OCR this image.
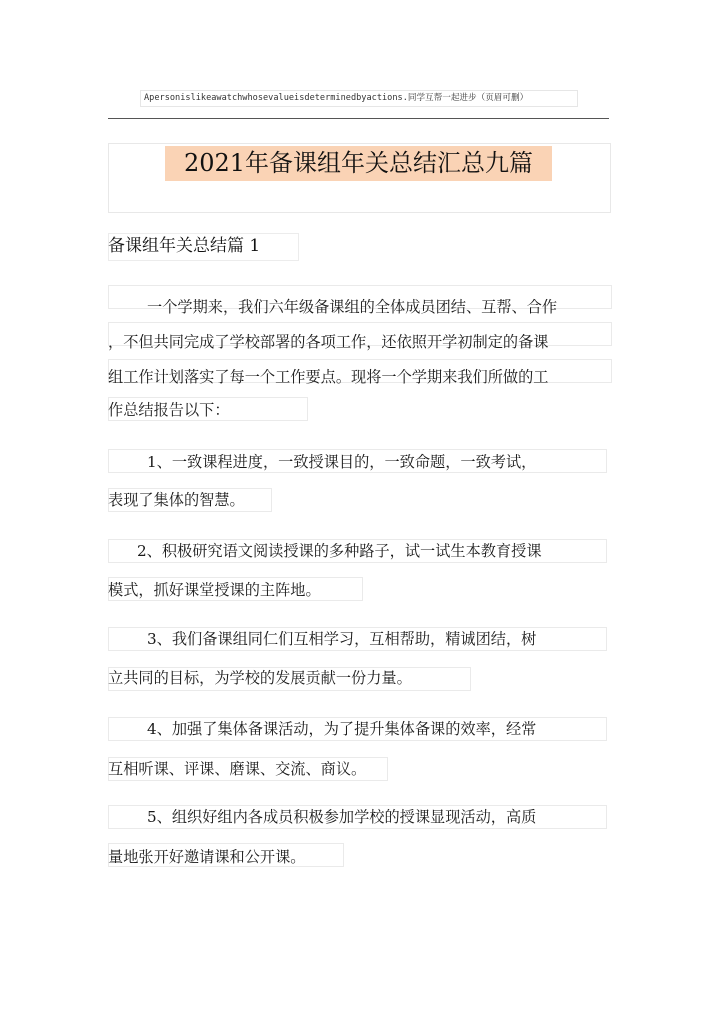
Apersonislikeawatchwhosevalueisdeterminedbyactions.同学互帮一起进步（页眉可删）
2021年备课组年关总结汇总九篇
备课组年关总结篇 1
一个学期来，我们六年级备课组的全体成员团结、互帮、合作
，不但共同完成了学校部署的各项工作，还依照开学初制定的备课
组工作计划落实了每一个工作要点。现将一个学期来我们所做的工
作总结报告以下：
1、一致课程进度，一致授课目的，一致命题，一致考试，
表现了集体的智慧。
2、积极研究语文阅读授课的多种路子，试一试生本教育授课
模式，抓好课堂授课的主阵地。
3、我们备课组同仁们互相学习，互相帮助，精诚团结，树
立共同的目标，为学校的发展贡献一份力量。
4、加强了集体备课活动，为了提升集体备课的效率，经常
互相听课、评课、磨课、交流、商议。
5、组织好组内各成员积极参加学校的授课显现活动，高质
量地张开好邀请课和公开课。
